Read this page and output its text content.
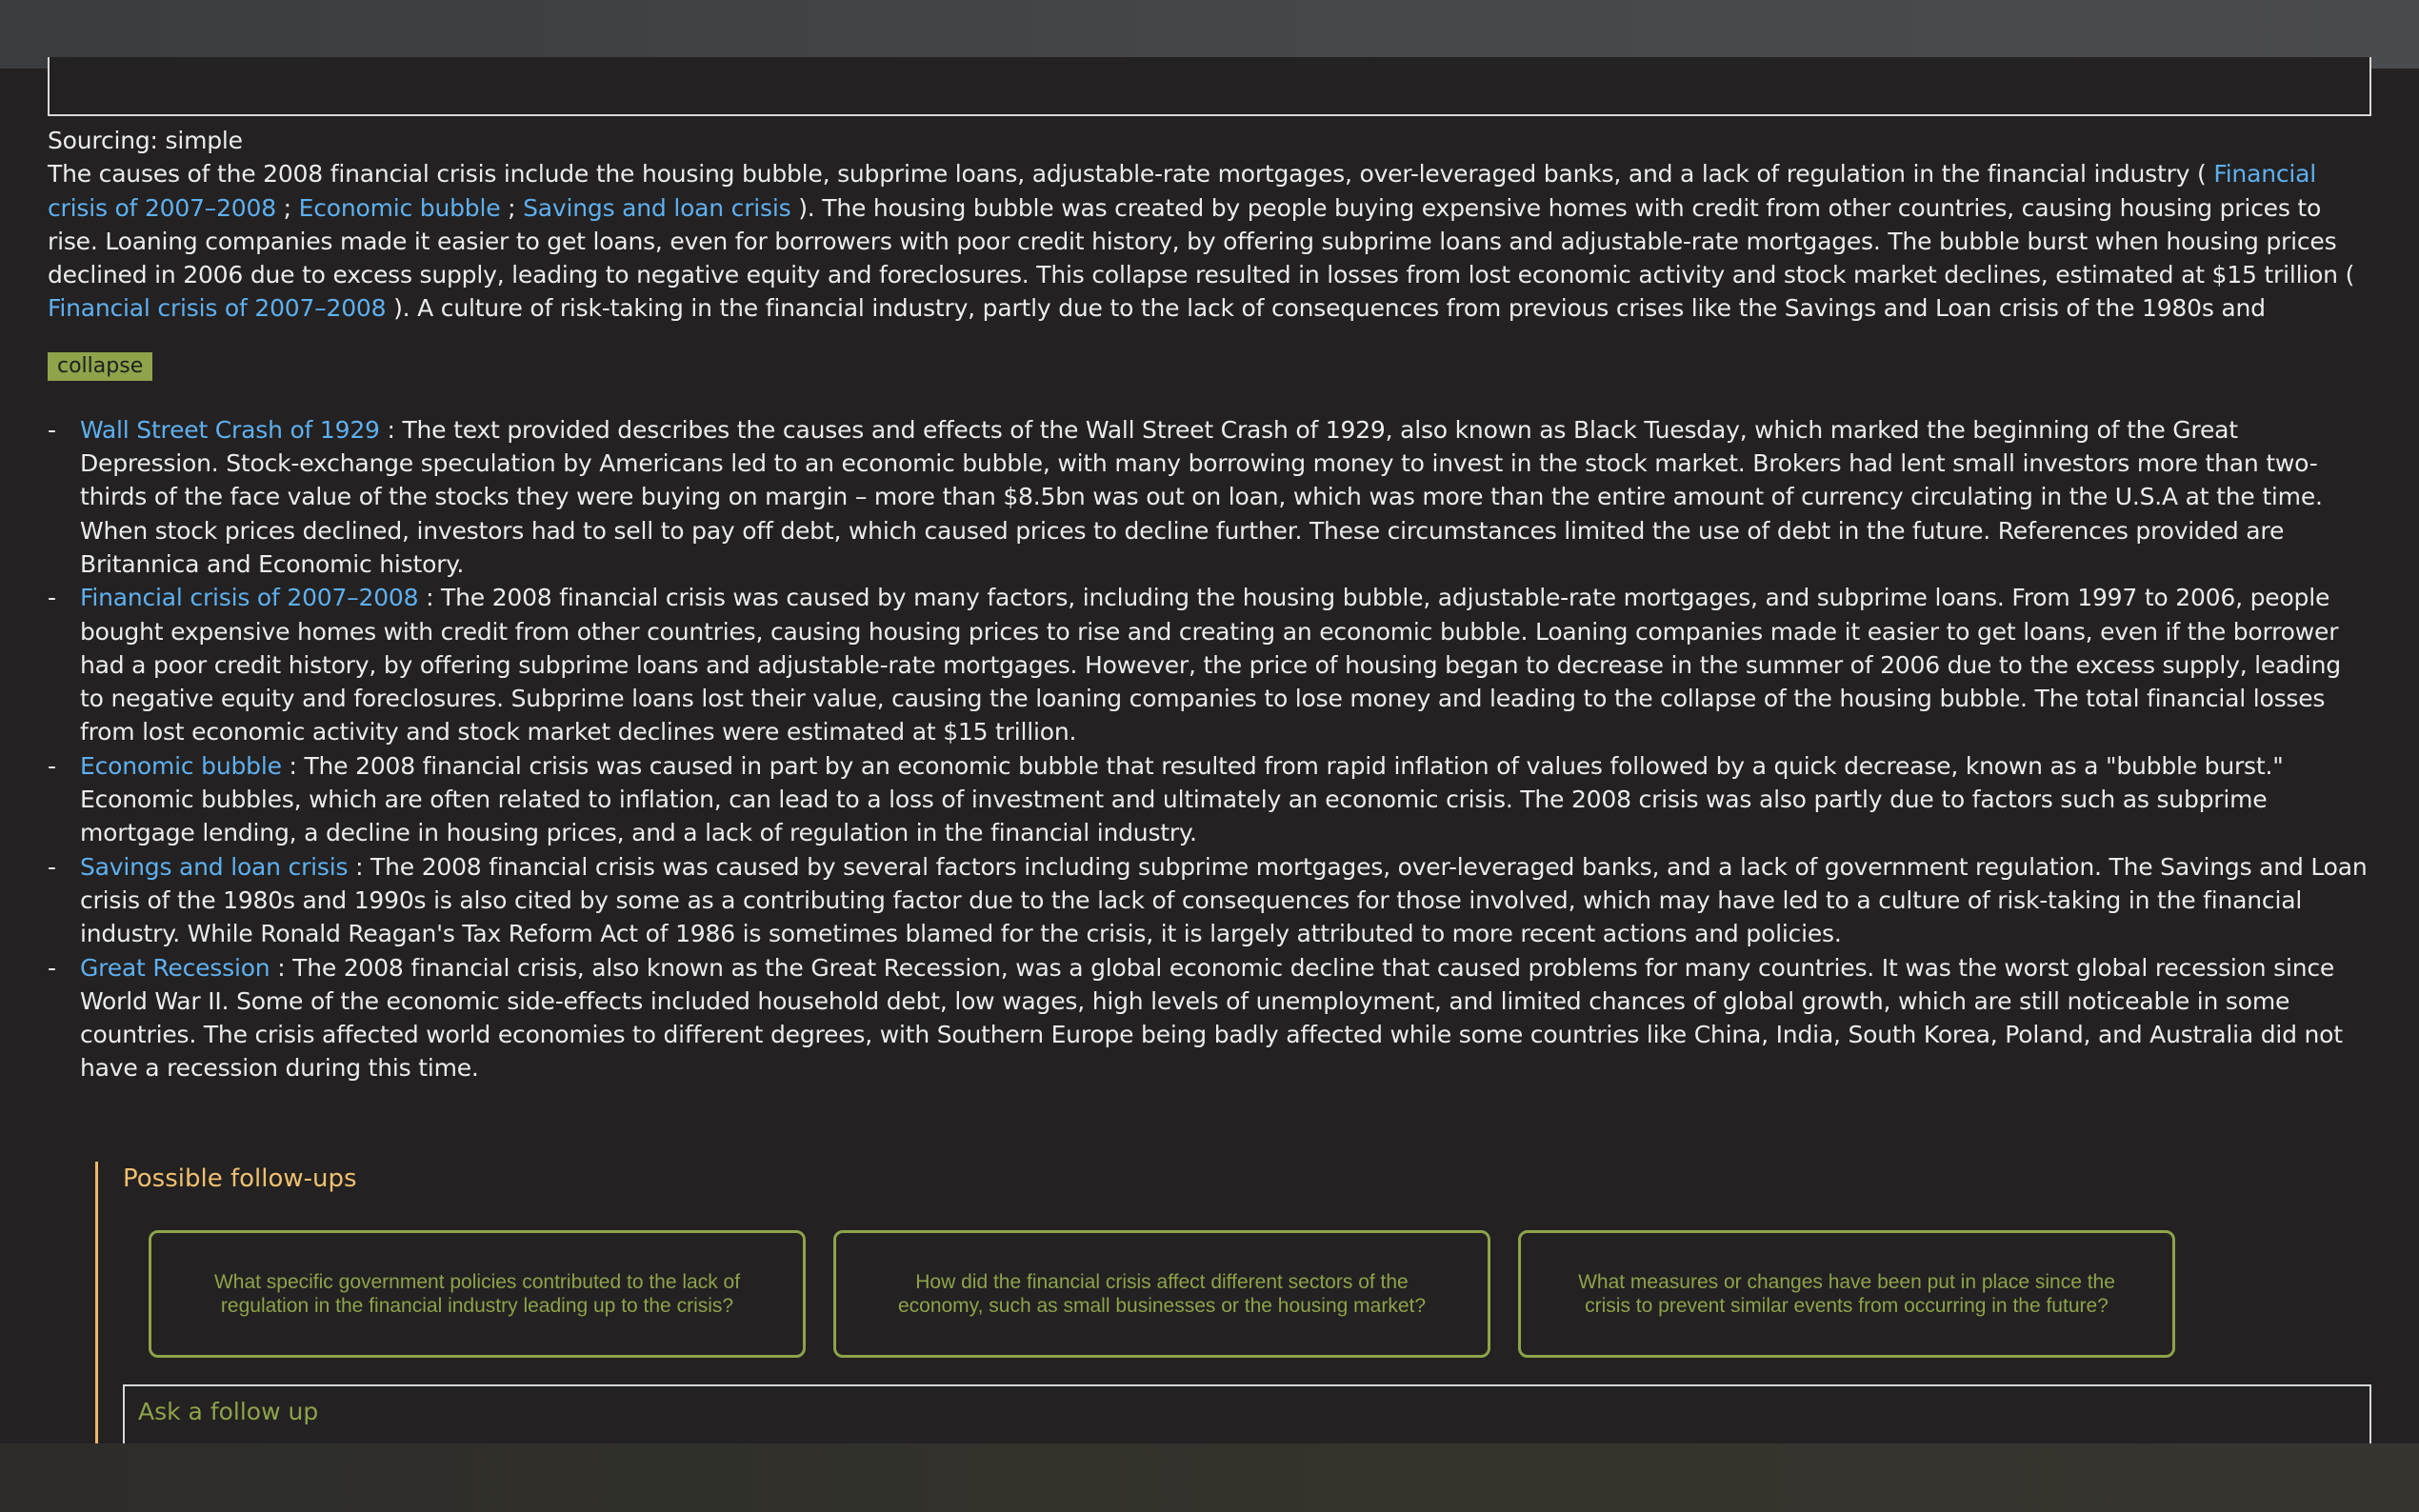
Sourcing: simple

The causes of the 2008 financial crisis include the housing bubble, subprime loans, adjustable-rate mortgages, over-leveraged banks, and a lack of regulation in the financial industry ( Financial crisis of 2007–2008 ; Economic bubble ; Savings and loan crisis ). The housing bubble was created by people buying expensive homes with credit from other countries, causing housing prices to rise. Loaning companies made it easier to get loans, even for borrowers with poor credit history, by offering subprime loans and adjustable-rate mortgages. The bubble burst when housing prices declined in 2006 due to excess supply, leading to negative equity and foreclosures. This collapse resulted in losses from lost economic activity and stock market declines, estimated at $15 trillion ( Financial crisis of 2007–2008 ). A culture of risk-taking in the financial industry, partly due to the lack of consequences from previous crises like the Savings and Loan crisis of the 1980s and

collapse
- Wall Street Crash of 1929 : The text provided describes the causes and effects of the Wall Street Crash of 1929, also known as Black Tuesday, which marked the beginning of the Great Depression. Stock-exchange speculation by Americans led to an economic bubble, with many borrowing money to invest in the stock market. Brokers had lent small investors more than two-thirds of the face value of the stocks they were buying on margin – more than $8.5bn was out on loan, which was more than the entire amount of currency circulating in the U.S.A at the time. When stock prices declined, investors had to sell to pay off debt, which caused prices to decline further. These circumstances limited the use of debt in the future. References provided are Britannica and Economic history.
- Financial crisis of 2007–2008 : The 2008 financial crisis was caused by many factors, including the housing bubble, adjustable-rate mortgages, and subprime loans. From 1997 to 2006, people bought expensive homes with credit from other countries, causing housing prices to rise and creating an economic bubble. Loaning companies made it easier to get loans, even if the borrower had a poor credit history, by offering subprime loans and adjustable-rate mortgages. However, the price of housing began to decrease in the summer of 2006 due to the excess supply, leading to negative equity and foreclosures. Subprime loans lost their value, causing the loaning companies to lose money and leading to the collapse of the housing bubble. The total financial losses from lost economic activity and stock market declines were estimated at $15 trillion.
- Economic bubble : The 2008 financial crisis was caused in part by an economic bubble that resulted from rapid inflation of values followed by a quick decrease, known as a "bubble burst." Economic bubbles, which are often related to inflation, can lead to a loss of investment and ultimately an economic crisis. The 2008 crisis was also partly due to factors such as subprime mortgage lending, a decline in housing prices, and a lack of regulation in the financial industry.
- Savings and loan crisis : The 2008 financial crisis was caused by several factors including subprime mortgages, over-leveraged banks, and a lack of government regulation. The Savings and Loan crisis of the 1980s and 1990s is also cited by some as a contributing factor due to the lack of consequences for those involved, which may have led to a culture of risk-taking in the financial industry. While Ronald Reagan's Tax Reform Act of 1986 is sometimes blamed for the crisis, it is largely attributed to more recent actions and policies.
- Great Recession : The 2008 financial crisis, also known as the Great Recession, was a global economic decline that caused problems for many countries. It was the worst global recession since World War II. Some of the economic side-effects included household debt, low wages, high levels of unemployment, and limited chances of global growth, which are still noticeable in some countries. The crisis affected world economies to different degrees, with Southern Europe being badly affected while some countries like China, India, South Korea, Poland, and Australia did not have a recession during this time.
Possible follow-ups
What specific government policies contributed to the lack of regulation in the financial industry leading up to the crisis?
How did the financial crisis affect different sectors of the economy, such as small businesses or the housing market?
What measures or changes have been put in place since the crisis to prevent similar events from occurring in the future?
Ask a follow up
